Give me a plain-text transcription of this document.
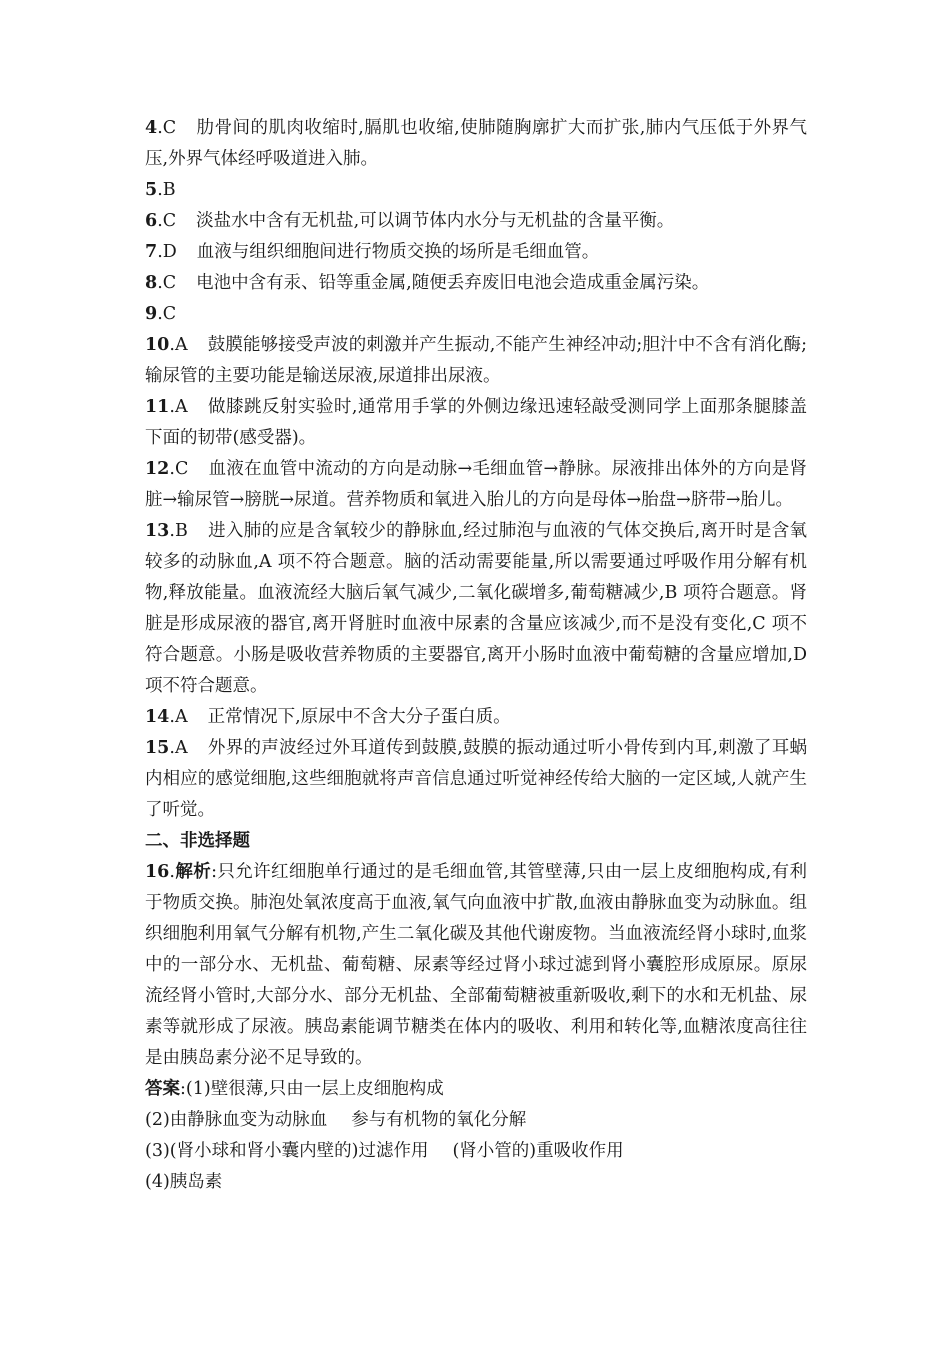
4.C 肋骨间的肌肉收缩时,膈肌也收缩,使肺随胸廓扩大而扩张,肺内气压低于外界气压,外界气体经呼吸道进入肺。
5.B
6.C 淡盐水中含有无机盐,可以调节体内水分与无机盐的含量平衡。
7.D 血液与组织细胞间进行物质交换的场所是毛细血管。
8.C 电池中含有汞、铅等重金属,随便丢弃废旧电池会造成重金属污染。
9.C
10.A 鼓膜能够接受声波的刺激并产生振动,不能产生神经冲动;胆汁中不含有消化酶;输尿管的主要功能是输送尿液,尿道排出尿液。
11.A 做膝跳反射实验时,通常用手掌的外侧边缘迅速轻敲受测同学上面那条腿膝盖下面的韧带(感受器)。
12.C 血液在血管中流动的方向是动脉→毛细血管→静脉。尿液排出体外的方向是肾脏→输尿管→膀胱→尿道。营养物质和氧进入胎儿的方向是母体→胎盘→脐带→胎儿。
13.B 进入肺的应是含氧较少的静脉血,经过肺泡与血液的气体交换后,离开时是含氧较多的动脉血,A 项不符合题意。脑的活动需要能量,所以需要通过呼吸作用分解有机物,释放能量。血液流经大脑后氧气减少,二氧化碳增多,葡萄糖减少,B 项符合题意。肾脏是形成尿液的器官,离开肾脏时血液中尿素的含量应该减少,而不是没有变化,C 项不符合题意。小肠是吸收营养物质的主要器官,离开小肠时血液中葡萄糖的含量应增加,D 项不符合题意。
14.A 正常情况下,原尿中不含大分子蛋白质。
15.A 外界的声波经过外耳道传到鼓膜,鼓膜的振动通过听小骨传到内耳,刺激了耳蜗内相应的感觉细胞,这些细胞就将声音信息通过听觉神经传给大脑的一定区域,人就产生了听觉。
二、非选择题
16.解析:只允许红细胞单行通过的是毛细血管,其管壁薄,只由一层上皮细胞构成,有利于物质交换。肺泡处氧浓度高于血液,氧气向血液中扩散,血液由静脉血变为动脉血。组织细胞利用氧气分解有机物,产生二氧化碳及其他代谢废物。当血液流经肾小球时,血浆中的一部分水、无机盐、葡萄糖、尿素等经过肾小球过滤到肾小囊腔形成原尿。原尿流经肾小管时,大部分水、部分无机盐、全部葡萄糖被重新吸收,剩下的水和无机盐、尿素等就形成了尿液。胰岛素能调节糖类在体内的吸收、利用和转化等,血糖浓度高往往是由胰岛素分泌不足导致的。
答案:(1)壁很薄,只由一层上皮细胞构成
(2)由静脉血变为动脉血 参与有机物的氧化分解
(3)(肾小球和肾小囊内壁的)过滤作用 (肾小管的)重吸收作用
(4)胰岛素
